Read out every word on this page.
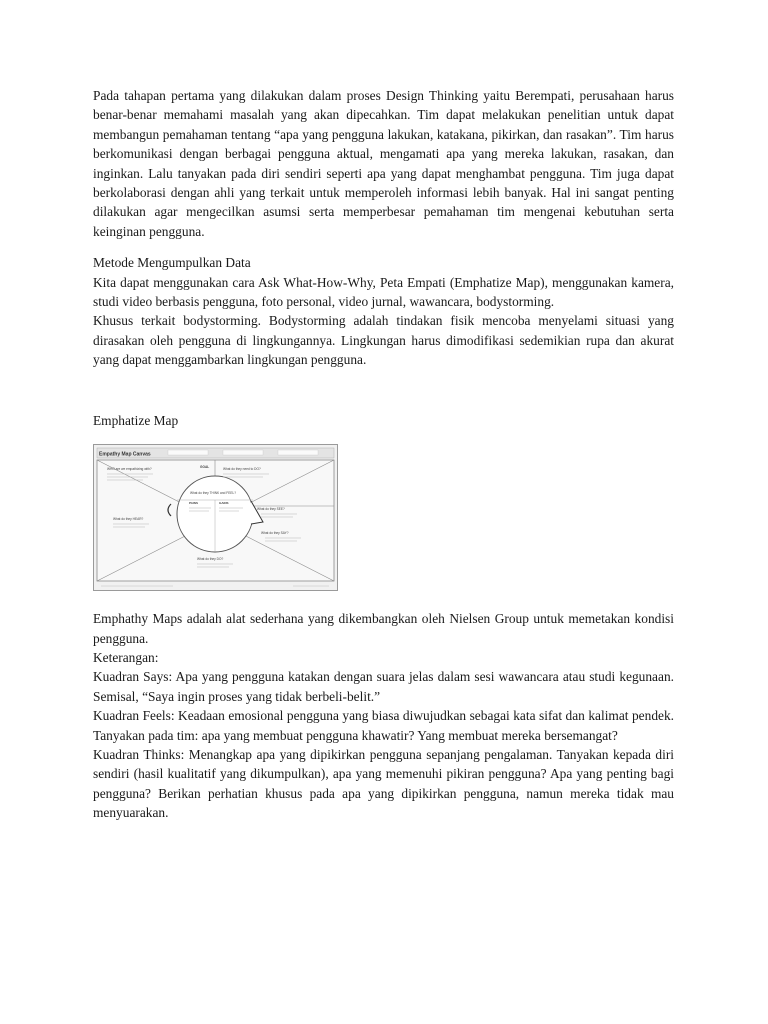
Pada tahapan pertama yang dilakukan dalam proses Design Thinking yaitu Berempati, perusahaan harus benar-benar memahami masalah yang akan dipecahkan. Tim dapat melakukan penelitian untuk dapat membangun pemahaman tentang “apa yang pengguna lakukan, katakana, pikirkan, dan rasakan”. Tim harus berkomunikasi dengan berbagai pengguna aktual, mengamati apa yang mereka lakukan, rasakan, dan inginkan. Lalu tanyakan pada diri sendiri seperti apa yang dapat menghambat pengguna. Tim juga dapat berkolaborasi dengan ahli yang terkait untuk memperoleh informasi lebih banyak. Hal ini sangat penting dilakukan agar mengecilkan asumsi serta memperbesar pemahaman tim mengenai kebutuhan serta keinginan pengguna.

Metode Mengumpulkan Data

Kita dapat menggunakan cara Ask What-How-Why, Peta Empati (Emphatize Map), menggunakan kamera, studi video berbasis pengguna, foto personal, video jurnal, wawancara, bodystorming.

Khusus terkait bodystorming. Bodystorming adalah tindakan fisik mencoba menyelami situasi yang dirasakan oleh pengguna di lingkungannya. Lingkungan harus dimodifikasi sedemikian rupa dan akurat yang dapat menggambarkan lingkungan pengguna.

Emphatize Map

Empathy Map Canvas
WHO are we empathizing with?	GOAL	What do they need to DO?
What do they HEAR?
What do they SEE?
What do they SAY?
What do they THINK and FEEL?
PAINS	GAINS
What do they DO?

Emphathy Maps adalah alat sederhana yang dikembangkan oleh Nielsen Group untuk memetakan kondisi pengguna.

Keterangan:

Kuadran Says: Apa yang pengguna katakan dengan suara jelas dalam sesi wawancara atau studi kegunaan. Semisal, “Saya ingin proses yang tidak berbeli-belit.”

Kuadran Feels: Keadaan emosional pengguna yang biasa diwujudkan sebagai kata sifat dan kalimat pendek. Tanyakan pada tim: apa yang membuat pengguna khawatir? Yang membuat mereka bersemangat?

Kuadran Thinks: Menangkap apa yang dipikirkan pengguna sepanjang pengalaman. Tanyakan kepada diri sendiri (hasil kualitatif yang dikumpulkan), apa yang memenuhi pikiran pengguna? Apa yang penting bagi pengguna? Berikan perhatian khusus pada apa yang dipikirkan pengguna, namun mereka tidak mau menyuarakan.
